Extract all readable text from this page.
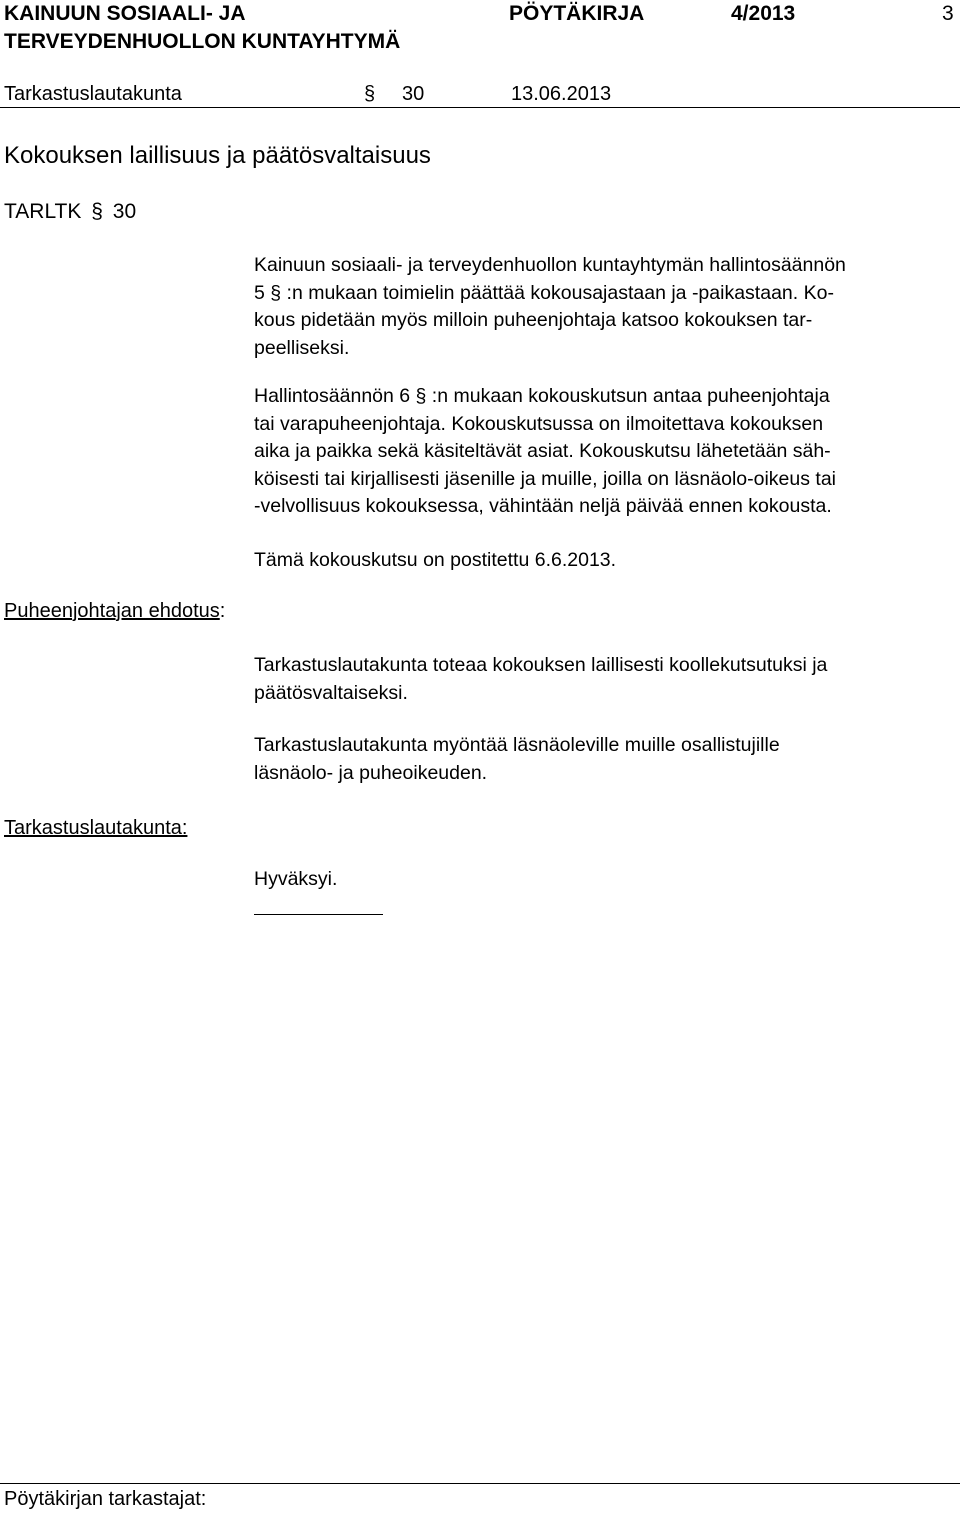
KAINUUN SOSIAALI- JA
TERVEYDENHUOLLON KUNTAYHTYMÄ
PÖYTÄKIRJA	4/2013	3
Tarkastuslautakunta	§ 30	13.06.2013
Kokouksen laillisuus ja päätösvaltaisuus
TARLTK § 30
Kainuun sosiaali- ja terveydenhuollon kuntayhtymän hallintosäännön
5 § :n mukaan toimielin päättää kokousajastaan ja -paikastaan. Ko-
kous pidetään myös milloin puheenjohtaja katsoo kokouksen tar-
peelliseksi.
Hallintosäännön 6 § :n mukaan kokouskutsun antaa puheenjohtaja
tai varapuheenjohtaja. Kokouskutsussa on ilmoitettava kokouksen
aika ja paikka sekä käsiteltävät asiat. Kokouskutsu lähetetään säh-
köisesti tai kirjallisesti jäsenille ja muille, joilla on läsnäolo-oikeus tai
-velvollisuus kokouksessa, vähintään neljä päivää ennen kokousta.
Tämä kokouskutsu on postitettu 6.6.2013.
Puheenjohtajan ehdotus:
Tarkastuslautakunta toteaa kokouksen laillisesti koollekutsutuksi ja
päätösvaltaiseksi.
Tarkastuslautakunta myöntää läsnäoleville muille osallistujille
läsnäolo- ja puheoikeuden.
Tarkastuslautakunta:
Hyväksyi.
Pöytäkirjan tarkastajat:
